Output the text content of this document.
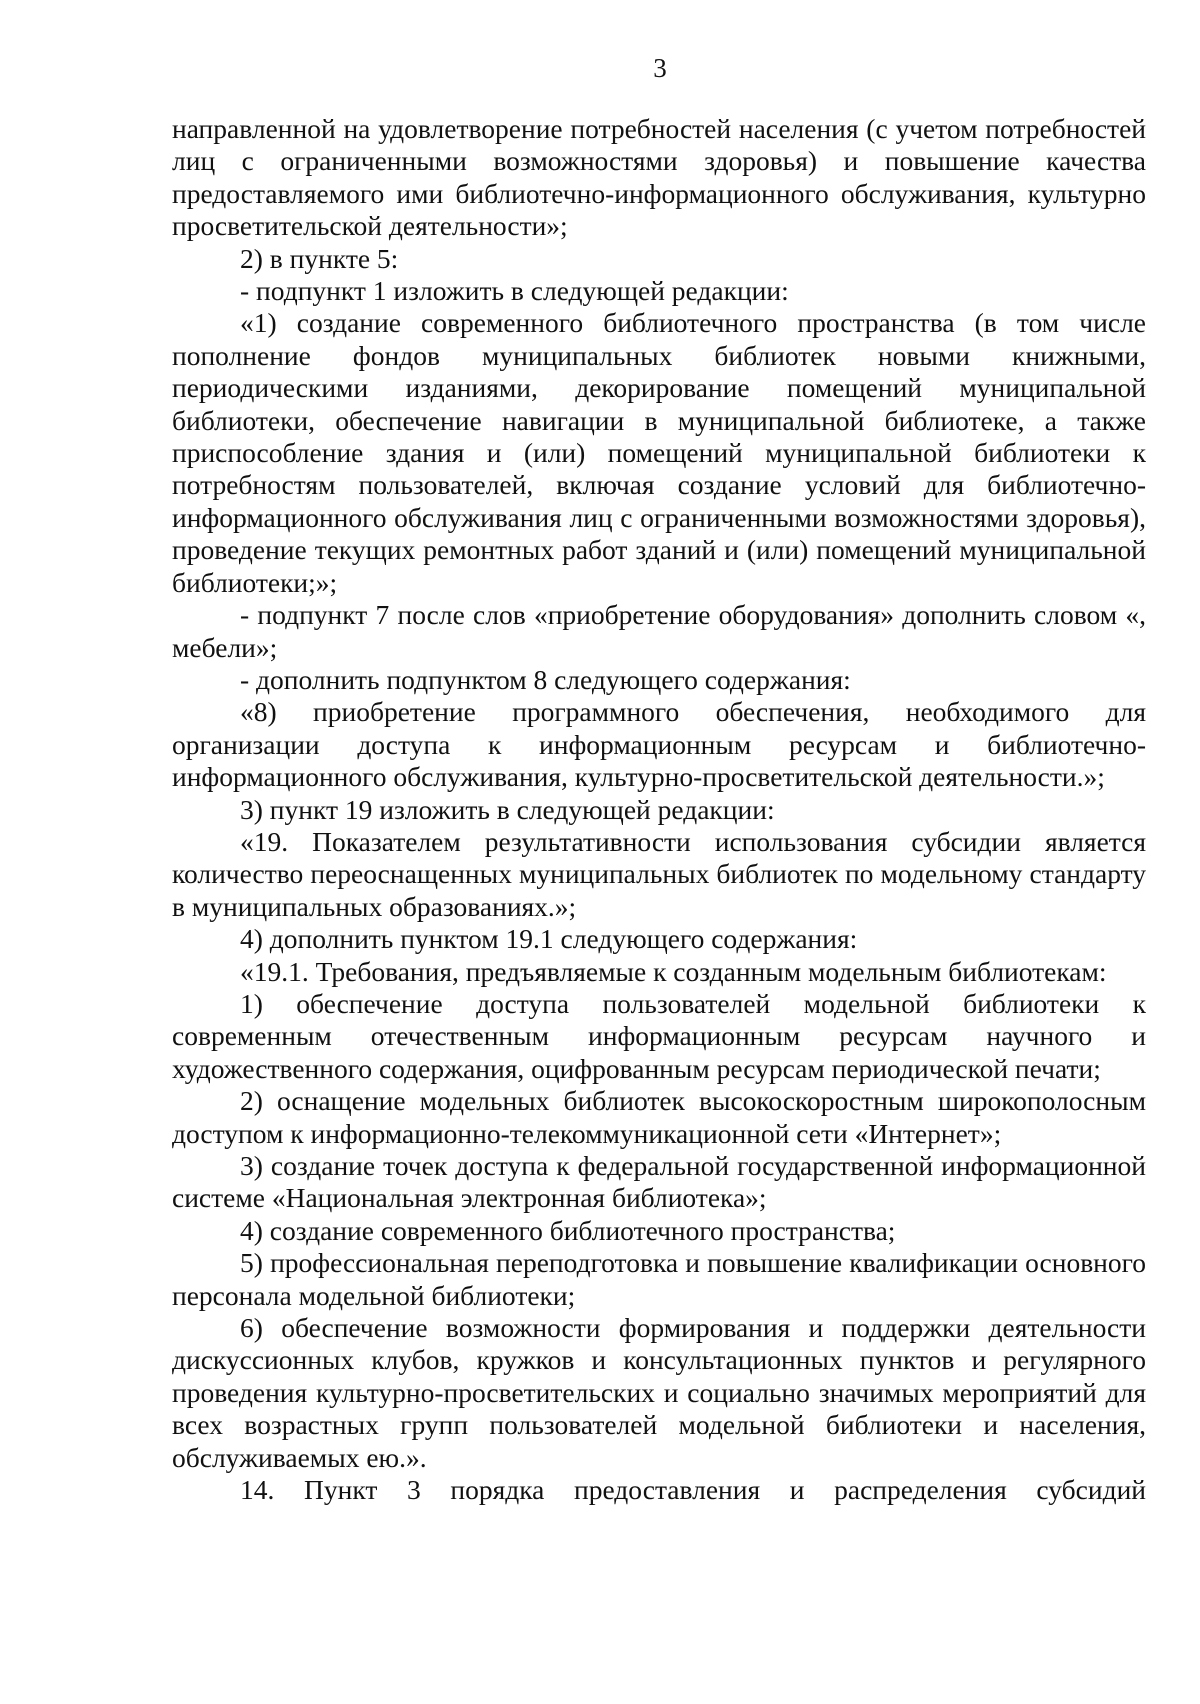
3

направленной на удовлетворение потребностей населения (с учетом потребностей лиц с ограниченными возможностями здоровья) и повышение качества предоставляемого ими библиотечно-информационного обслуживания, культурно просветительской деятельности»;

2) в пункте 5:

- подпункт 1 изложить в следующей редакции:

«1) создание современного библиотечного пространства (в том числе пополнение фондов муниципальных библиотек новыми книжными, периодическими изданиями, декорирование помещений муниципальной библиотеки, обеспечение навигации в муниципальной библиотеке, а также приспособление здания и (или) помещений муниципальной библиотеки к потребностям пользователей, включая создание условий для библиотечно-информационного обслуживания лиц с ограниченными возможностями здоровья), проведение текущих ремонтных работ зданий и (или) помещений муниципальной библиотеки;»;

- подпункт 7 после слов «приобретение оборудования» дополнить словом «, мебели»;

- дополнить подпунктом 8 следующего содержания:

«8) приобретение программного обеспечения, необходимого для организации доступа к информационным ресурсам и библиотечно-информационного обслуживания, культурно-просветительской деятельности.»;

3) пункт 19 изложить в следующей редакции:

«19. Показателем результативности использования субсидии является количество переоснащенных муниципальных библиотек по модельному стандарту в муниципальных образованиях.»;

4) дополнить пунктом 19.1 следующего содержания:

«19.1. Требования, предъявляемые к созданным модельным библиотекам:

1) обеспечение доступа пользователей модельной библиотеки к современным отечественным информационным ресурсам научного и художественного содержания, оцифрованным ресурсам периодической печати;

2) оснащение модельных библиотек высокоскоростным широкополосным доступом к информационно-телекоммуникационной сети «Интернет»;

3) создание точек доступа к федеральной государственной информационной системе «Национальная электронная библиотека»;

4) создание современного библиотечного пространства;

5) профессиональная переподготовка и повышение квалификации основного персонала модельной библиотеки;

6) обеспечение возможности формирования и поддержки деятельности дискуссионных клубов, кружков и консультационных пунктов и регулярного проведения культурно-просветительских и социально значимых мероприятий для всех возрастных групп пользователей модельной библиотеки и населения, обслуживаемых ею.».

14. Пункт 3 порядка предоставления и распределения субсидий
